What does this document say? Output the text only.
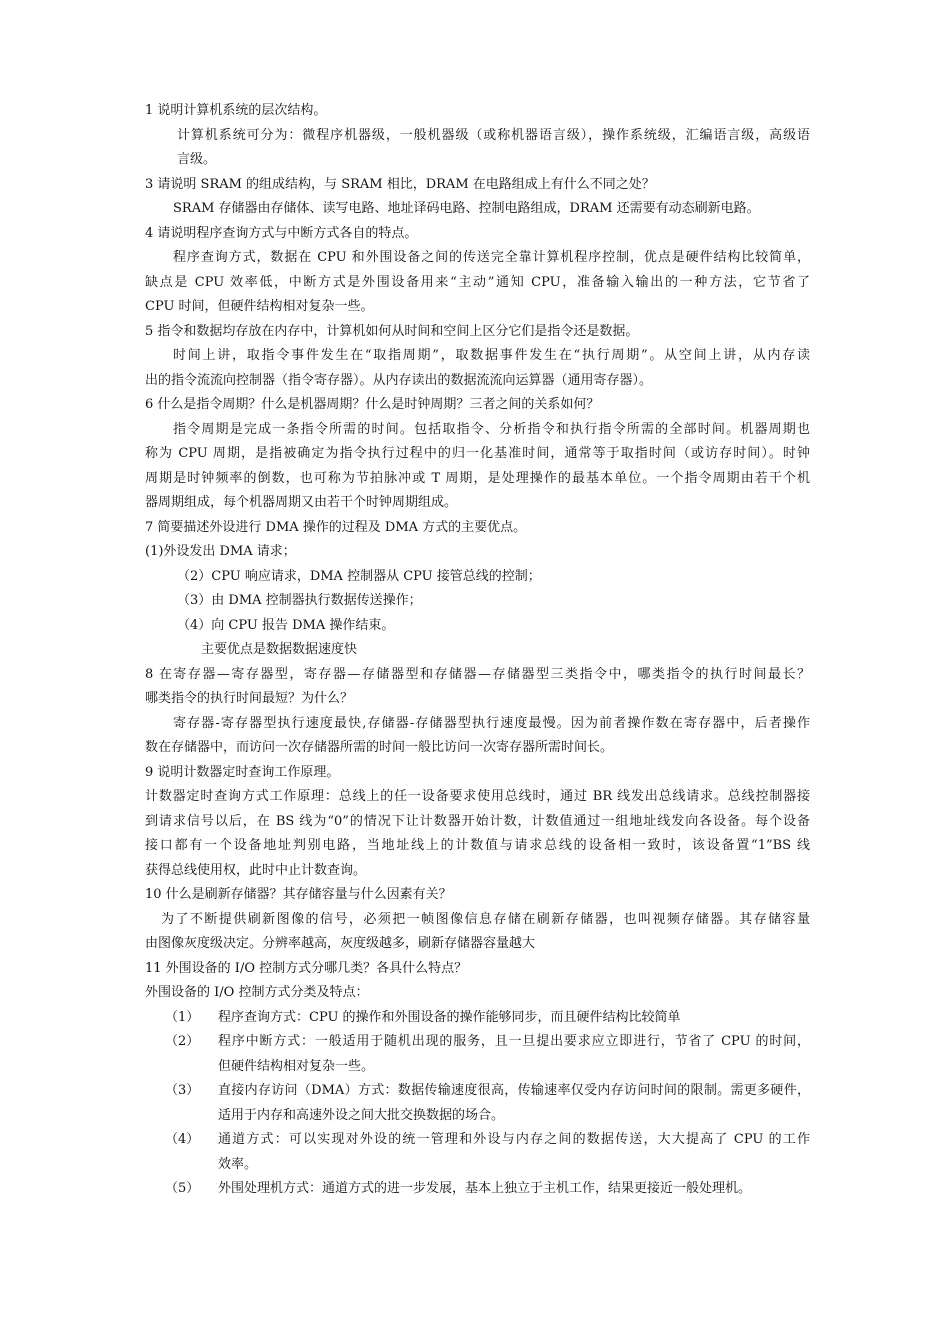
1 说明计算机系统的层次结构。

计算机系统可分为：微程序机器级，一般机器级（或称机器语言级），操作系统级，汇编语言级，高级语

言级。

3 请说明 SRAM 的组成结构，与 SRAM 相比，DRAM 在电路组成上有什么不同之处？

SRAM 存储器由存储体、读写电路、地址译码电路、控制电路组成，DRAM 还需要有动态刷新电路。

4 请说明程序查询方式与中断方式各自的特点。

程序查询方式，数据在 CPU 和外围设备之间的传送完全靠计算机程序控制，优点是硬件结构比较简单，

缺点是 CPU 效率低，中断方式是外围设备用来“主动”通知 CPU，准备输入输出的一种方法，它节省了

CPU 时间，但硬件结构相对复杂一些。

5 指令和数据均存放在内存中，计算机如何从时间和空间上区分它们是指令还是数据。

时间上讲，取指令事件发生在“取指周期”，取数据事件发生在“执行周期”。从空间上讲，从内存读

出的指令流流向控制器（指令寄存器）。从内存读出的数据流流向运算器（通用寄存器）。

6 什么是指令周期？什么是机器周期？什么是时钟周期？三者之间的关系如何？

指令周期是完成一条指令所需的时间。包括取指令、分析指令和执行指令所需的全部时间。机器周期也

称为 CPU 周期，是指被确定为指令执行过程中的归一化基准时间，通常等于取指时间（或访存时间）。时钟

周期是时钟频率的倒数，也可称为节拍脉冲或 T 周期，是处理操作的最基本单位。一个指令周期由若干个机

器周期组成，每个机器周期又由若干个时钟周期组成。

7 简要描述外设进行 DMA 操作的过程及 DMA 方式的主要优点。

(1)外设发出 DMA 请求；

（2）CPU 响应请求，DMA 控制器从 CPU 接管总线的控制；

（3）由 DMA 控制器执行数据传送操作；

（4）向 CPU 报告 DMA 操作结束。

主要优点是数据数据速度快

8 在寄存器—寄存器型，寄存器—存储器型和存储器—存储器型三类指令中，哪类指令的执行时间最长？

哪类指令的执行时间最短？为什么？

寄存器-寄存器型执行速度最快,存储器-存储器型执行速度最慢。因为前者操作数在寄存器中，后者操作

数在存储器中，而访问一次存储器所需的时间一般比访问一次寄存器所需时间长。

9 说明计数器定时查询工作原理。

计数器定时查询方式工作原理：总线上的任一设备要求使用总线时，通过 BR 线发出总线请求。总线控制器接

到请求信号以后，在 BS 线为“0”的情况下让计数器开始计数，计数值通过一组地址线发向各设备。每个设备

接口都有一个设备地址判别电路，当地址线上的计数值与请求总线的设备相一致时，该设备置“1”BS 线

获得总线使用权，此时中止计数查询。

10 什么是刷新存储器？其存储容量与什么因素有关？

为了不断提供刷新图像的信号，必须把一帧图像信息存储在刷新存储器，也叫视频存储器。其存储容量

由图像灰度级决定。分辨率越高，灰度级越多，刷新存储器容量越大

11 外围设备的 I/O 控制方式分哪几类？各具什么特点？

外围设备的 I/O 控制方式分类及特点：

（1）	程序查询方式：CPU 的操作和外围设备的操作能够同步，而且硬件结构比较简单
（2）	程序中断方式：一般适用于随机出现的服务，且一旦提出要求应立即进行，节省了 CPU 的时间，
但硬件结构相对复杂一些。
（3）	直接内存访问（DMA）方式：数据传输速度很高，传输速率仅受内存访问时间的限制。需更多硬件，
适用于内存和高速外设之间大批交换数据的场合。
（4）	通道方式：可以实现对外设的统一管理和外设与内存之间的数据传送，大大提高了 CPU 的工作
效率。
（5）	外围处理机方式：通道方式的进一步发展，基本上独立于主机工作，结果更接近一般处理机。
